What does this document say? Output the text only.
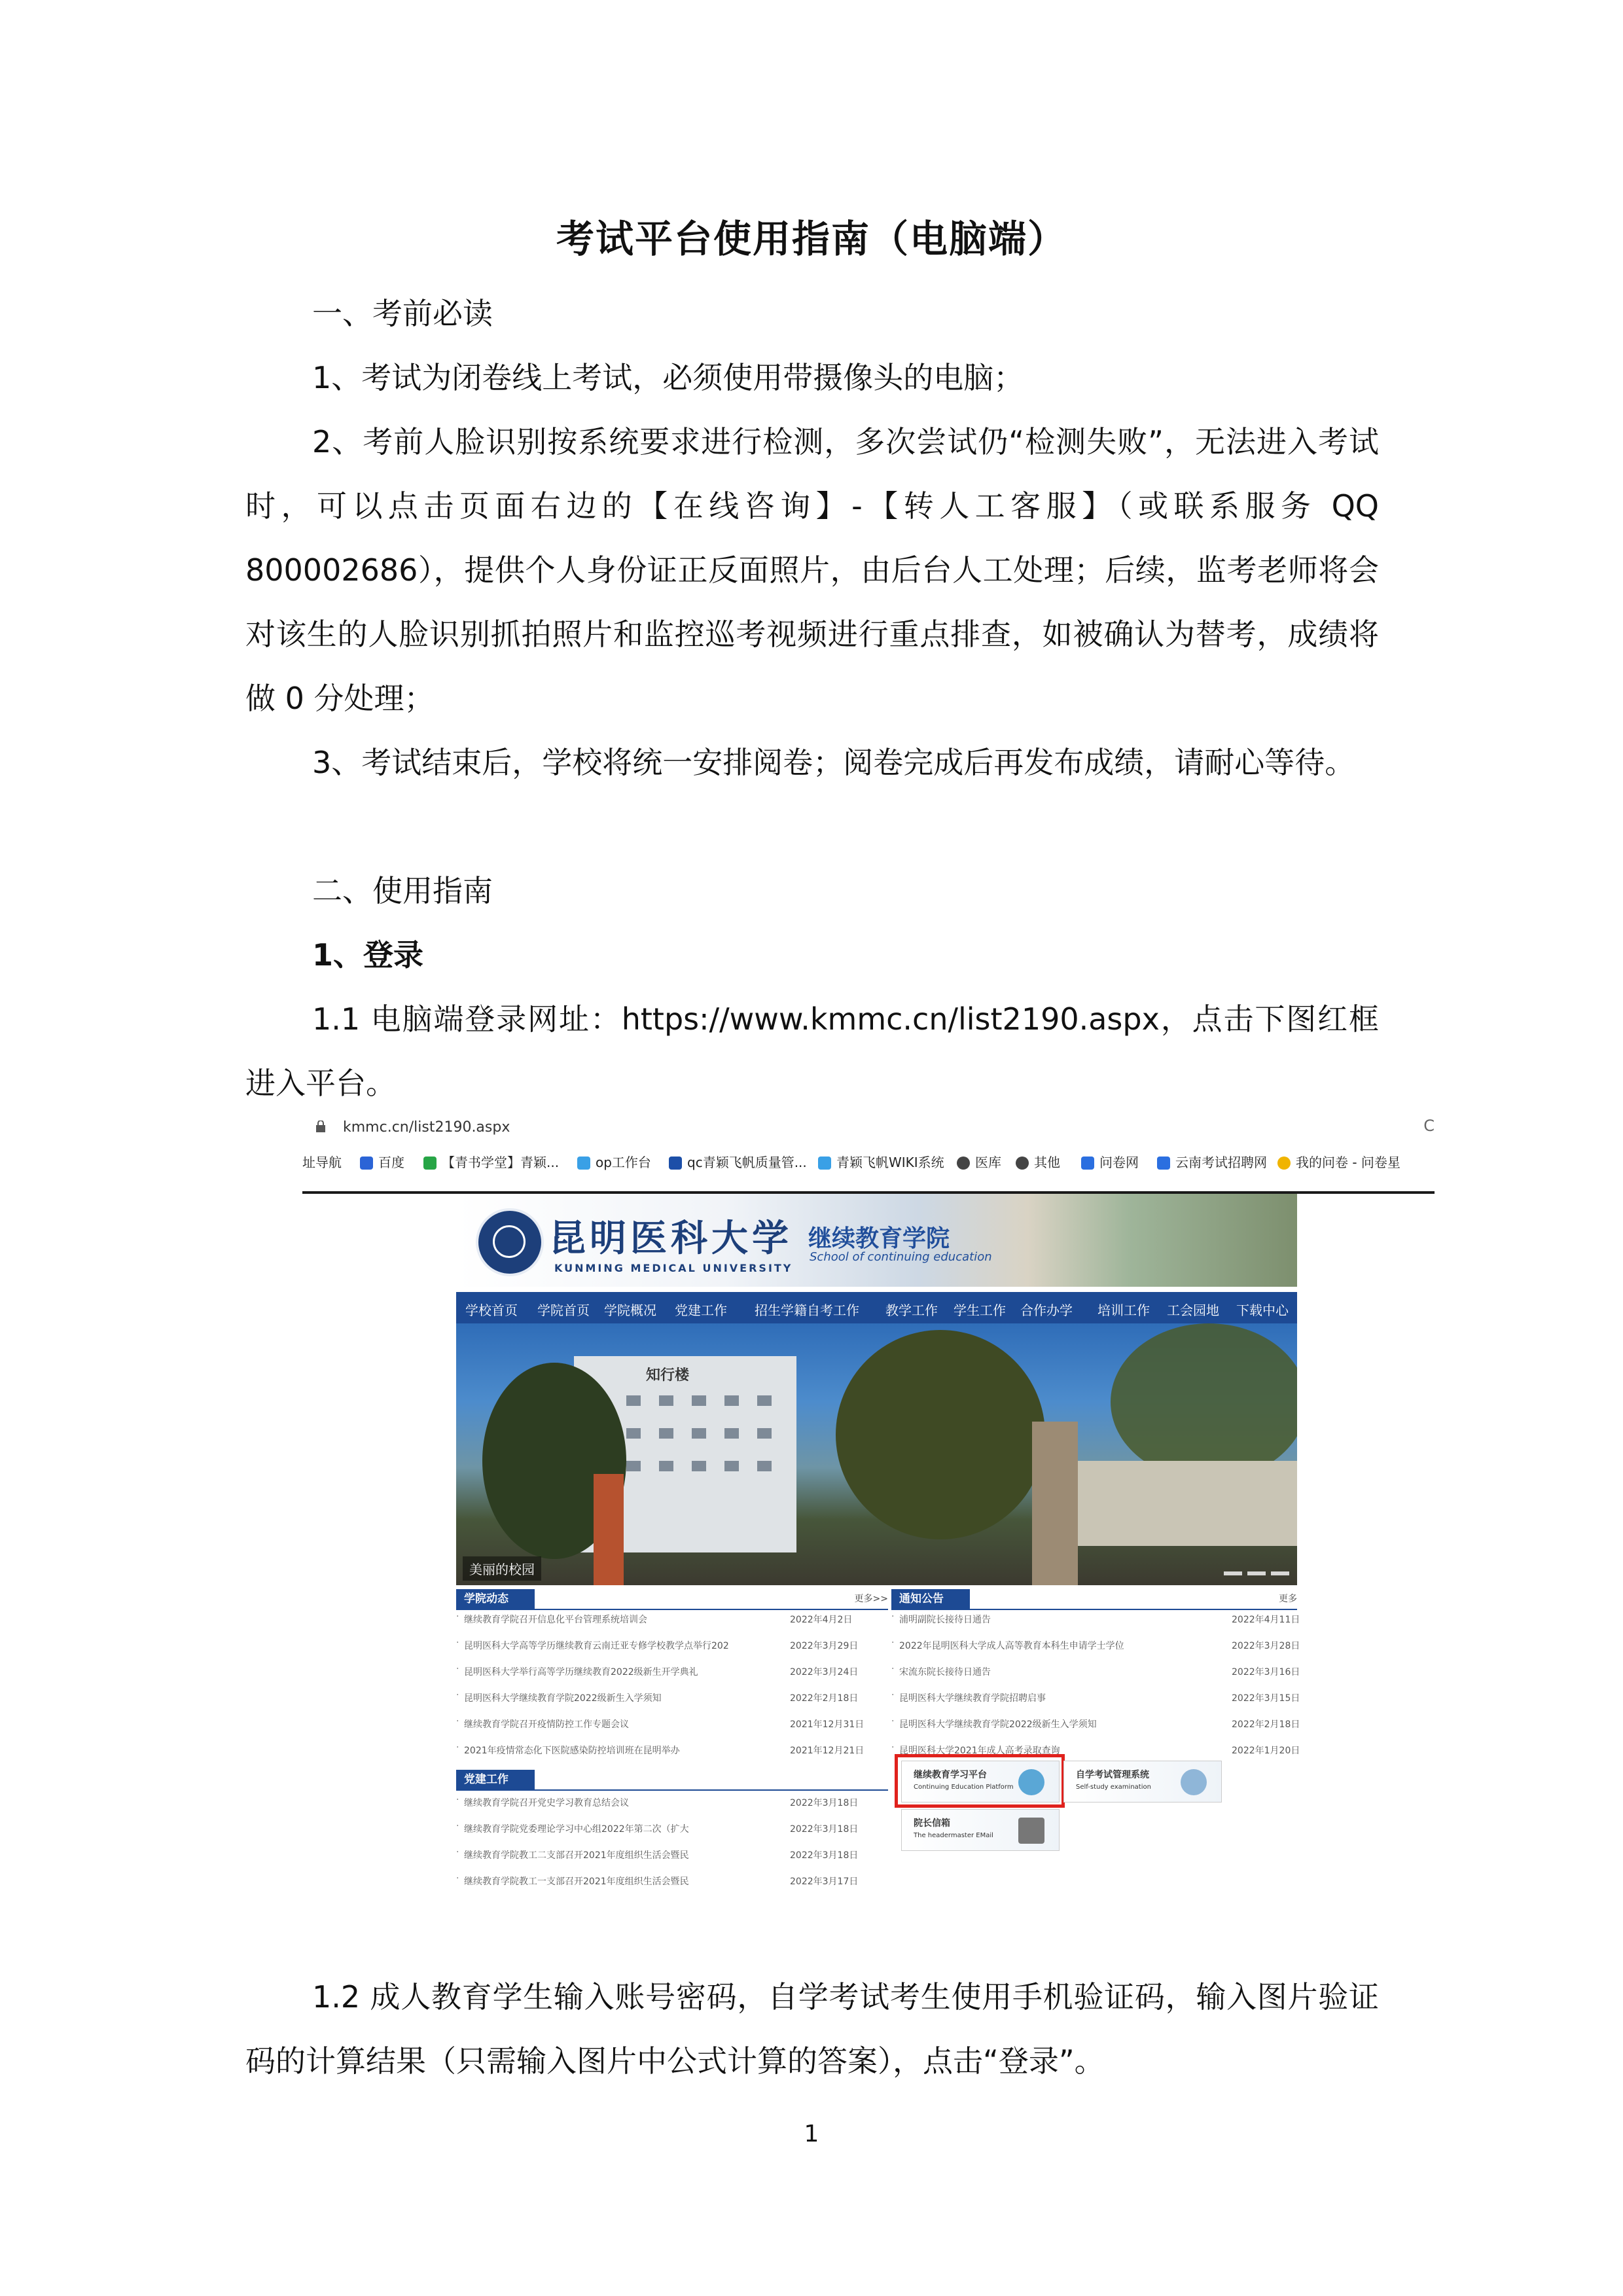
考试平台使用指南（电脑端）

一、考前必读

1、考试为闭卷线上考试，必须使用带摄像头的电脑；

2、考前人脸识别按系统要求进行检测，多次尝试仍“检测失败”，无法进入考试时，可以点击页面右边的【在线咨询】-【转人工客服】（或联系服务 QQ 800002686），提供个人身份证正反面照片，由后台人工处理；后续，监考老师将会对该生的人脸识别抓拍照片和监控巡考视频进行重点排查，如被确认为替考，成绩将做 0 分处理；

3、考试结束后，学校将统一安排阅卷；阅卷完成后再发布成绩，请耐心等待。

二、使用指南

1、登录

1.1 电脑端登录网址：https://www.kmmc.cn/list2190.aspx，点击下图红框进入平台。

kmmc.cn/list2190.aspx	C
址导航	百度	【青书学堂】青颖...	op工作台	qc青颖飞帆质量管...	青颖飞帆WIKI系统	医库	其他	问卷网	云南考试招聘网	我的问卷 - 问卷星
昆明医科大学
KUNMING MEDICAL UNIVERSITY
继续教育学院
School of continuing education
学校首页 学院首页 学院概况 党建工作 招生学籍自考工作 教学工作 学生工作 合作办学 培训工作 工会园地 下载中心
知行楼
美丽的校园
学院动态	更多>>
· 继续教育学院召开信息化平台管理系统培训会	2022年4月2日
· 昆明医科大学高等学历继续教育云南迁亚专修学校教学点举行202	2022年3月29日
· 昆明医科大学举行高等学历继续教育2022级新生开学典礼	2022年3月24日
· 昆明医科大学继续教育学院2022级新生入学须知	2022年2月18日
· 继续教育学院召开疫情防控工作专题会议	2021年12月31日
· 2021年疫情常态化下医院感染防控培训班在昆明举办	2021年12月21日
通知公告	更多
· 浦明副院长接待日通告	2022年4月11日
· 2022年昆明医科大学成人高等教育本科生申请学士学位	2022年3月28日
· 宋流东院长接待日通告	2022年3月16日
· 昆明医科大学继续教育学院招聘启事	2022年3月15日
· 昆明医科大学继续教育学院2022级新生入学须知	2022年2月18日
· 昆明医科大学2021年成人高考录取查询	2022年1月20日
党建工作
· 继续教育学院召开党史学习教育总结会议	2022年3月18日
· 继续教育学院党委理论学习中心组2022年第二次（扩大	2022年3月18日
· 继续教育学院教工二支部召开2021年度组织生活会暨民	2022年3月18日
· 继续教育学院教工一支部召开2021年度组织生活会暨民	2022年3月17日
继续教育学习平台
Continuing Education Platform
自学考试管理系统
Self-study examination
院长信箱
The headermaster EMail

1.2 成人教育学生输入账号密码，自学考试考生使用手机验证码，输入图片验证码的计算结果（只需输入图片中公式计算的答案），点击“登录”。

1
